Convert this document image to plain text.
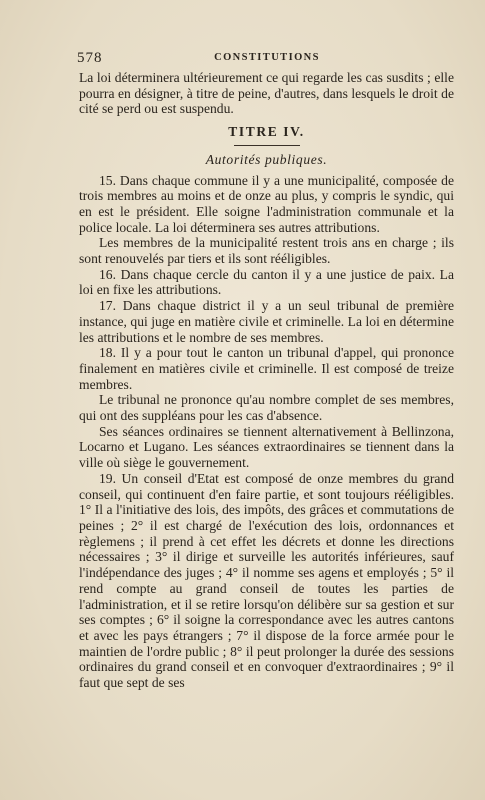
578	CONSTITUTIONS

La loi déterminera ultérieurement ce qui regarde les cas susdits ; elle pourra en désigner, à titre de peine, d'autres, dans lesquels le droit de cité se perd ou est suspendu.

TITRE IV.
Autorités publiques.

15. Dans chaque commune il y a une municipalité, composée de trois membres au moins et de onze au plus, y compris le syndic, qui en est le président. Elle soigne l'administration communale et la police locale. La loi déterminera ses autres attributions.

Les membres de la municipalité restent trois ans en charge ; ils sont renouvelés par tiers et ils sont rééligibles.

16. Dans chaque cercle du canton il y a une justice de paix. La loi en fixe les attributions.

17. Dans chaque district il y a un seul tribunal de première instance, qui juge en matière civile et criminelle. La loi en détermine les attributions et le nombre de ses membres.

18. Il y a pour tout le canton un tribunal d'appel, qui prononce finalement en matières civile et criminelle. Il est composé de treize membres.

Le tribunal ne prononce qu'au nombre complet de ses membres, qui ont des suppléans pour les cas d'absence.

Ses séances ordinaires se tiennent alternativement à Bellinzona, Locarno et Lugano. Les séances extraordinaires se tiennent dans la ville où siège le gouvernement.

19. Un conseil d'Etat est composé de onze membres du grand conseil, qui continuent d'en faire partie, et sont toujours rééligibles. 1° Il a l'initiative des lois, des impôts, des grâces et commutations de peines ; 2° il est chargé de l'exécution des lois, ordonnances et règlemens ; il prend à cet effet les décrets et donne les directions nécessaires ; 3° il dirige et surveille les autorités inférieures, sauf l'indépendance des juges ; 4° il nomme ses agens et employés ; 5° il rend compte au grand conseil de toutes les parties de l'administration, et il se retire lorsqu'on délibère sur sa gestion et sur ses comptes ; 6° il soigne la correspondance avec les autres cantons et avec les pays étrangers ; 7° il dispose de la force armée pour le maintien de l'ordre public ; 8° il peut prolonger la durée des sessions ordinaires du grand conseil et en convoquer d'extraordinaires ; 9° il faut que sept de ses
